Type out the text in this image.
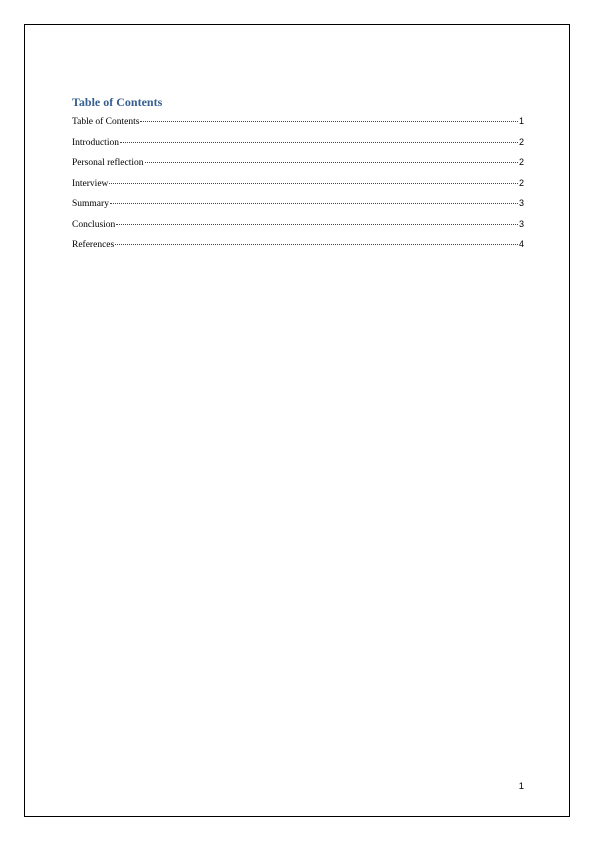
Table of Contents
Table of Contents	1
Introduction	2
Personal reflection	2
Interview	2
Summary	3
Conclusion	3
References	4
1
